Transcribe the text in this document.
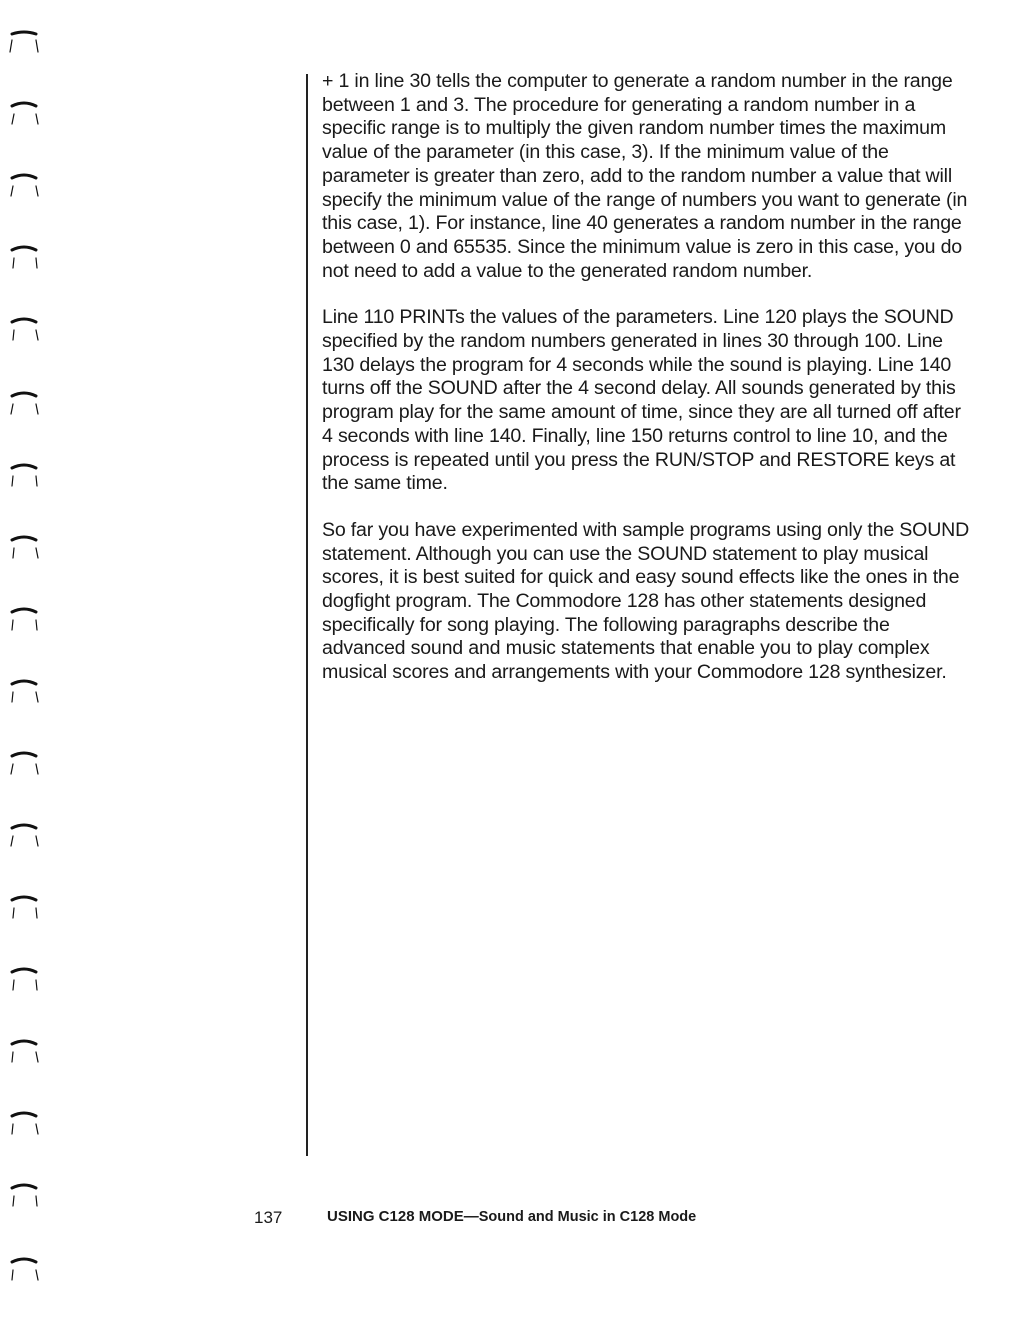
+ 1 in line 30 tells the computer to generate a random number in the range between 1 and 3. The procedure for generating a random number in a specific range is to multiply the given random number times the maximum value of the parameter (in this case, 3). If the minimum value of the parameter is greater than zero, add to the random number a value that will specify the minimum value of the range of numbers you want to generate (in this case, 1). For instance, line 40 generates a random number in the range between 0 and 65535. Since the minimum value is zero in this case, you do not need to add a value to the generated random number.

Line 110 PRINTs the values of the parameters. Line 120 plays the SOUND specified by the random numbers generated in lines 30 through 100. Line 130 delays the program for 4 seconds while the sound is playing. Line 140 turns off the SOUND after the 4 second delay. All sounds generated by this program play for the same amount of time, since they are all turned off after 4 seconds with line 140. Finally, line 150 returns control to line 10, and the process is repeated until you press the RUN/STOP and RESTORE keys at the same time.

So far you have experimented with sample programs using only the SOUND statement. Although you can use the SOUND statement to play musical scores, it is best suited for quick and easy sound effects like the ones in the dogfight program. The Commodore 128 has other statements designed specifically for song playing. The following paragraphs describe the advanced sound and music statements that enable you to play complex musical scores and arrangements with your Commodore 128 synthesizer.

137	USING C128 MODE—Sound and Music in C128 Mode
